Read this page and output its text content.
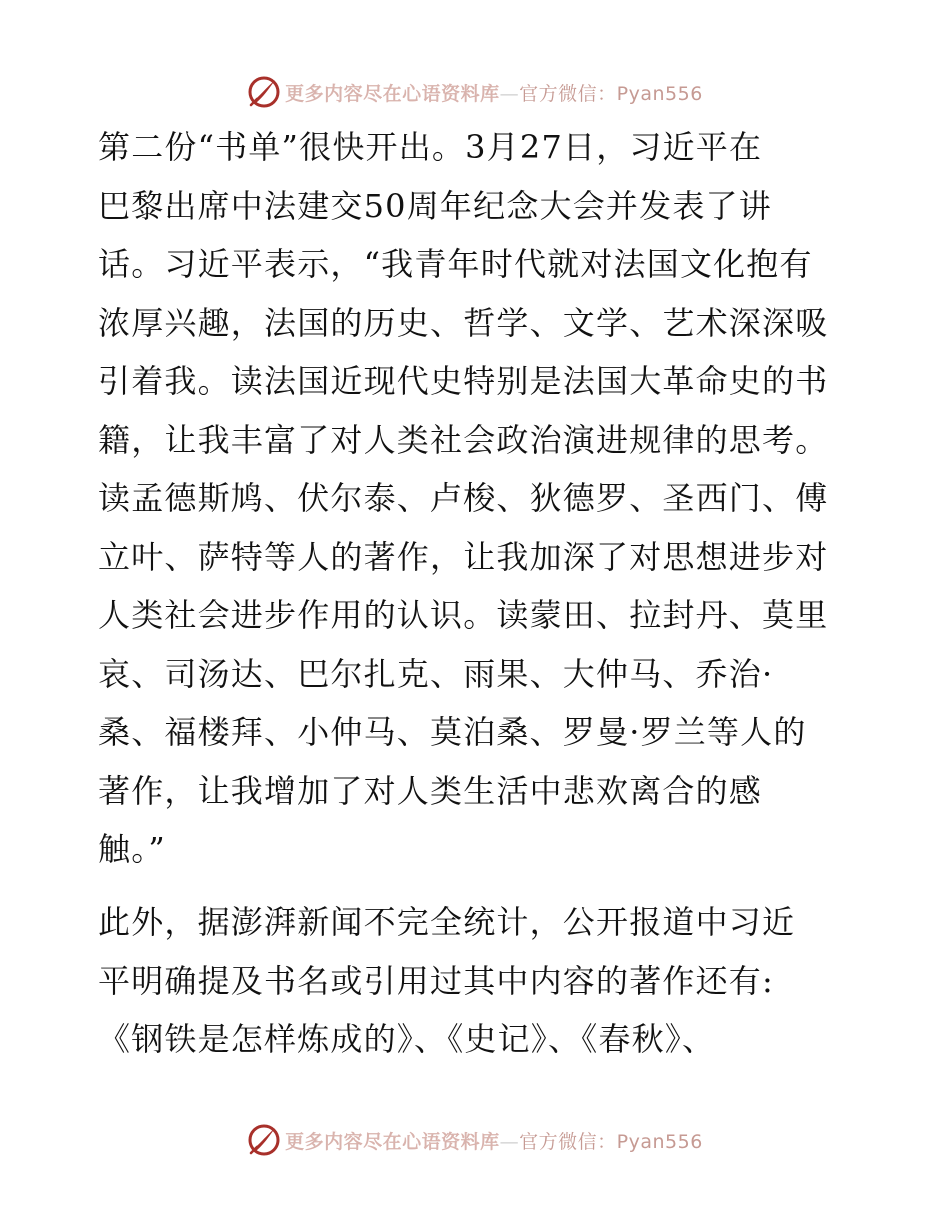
更多内容尽在心语资料库—官方微信：Pyan556
第二份“书单”很快开出。3月27日，习近平在
巴黎出席中法建交50周年纪念大会并发表了讲
话。习近平表示，“我青年时代就对法国文化抱有
浓厚兴趣，法国的历史、哲学、文学、艺术深深吸
引着我。读法国近现代史特别是法国大革命史的书
籍，让我丰富了对人类社会政治演进规律的思考。
读孟德斯鸠、伏尔泰、卢梭、狄德罗、圣西门、傅
立叶、萨特等人的著作，让我加深了对思想进步对
人类社会进步作用的认识。读蒙田、拉封丹、莫里
哀、司汤达、巴尔扎克、雨果、大仲马、乔治·
桑、福楼拜、小仲马、莫泊桑、罗曼·罗兰等人的
著作，让我增加了对人类生活中悲欢离合的感
触。”
此外，据澎湃新闻不完全统计，公开报道中习近
平明确提及书名或引用过其中内容的著作还有:
《钢铁是怎样炼成的》、《史记》、《春秋》、
更多内容尽在心语资料库—官方微信：Pyan556
